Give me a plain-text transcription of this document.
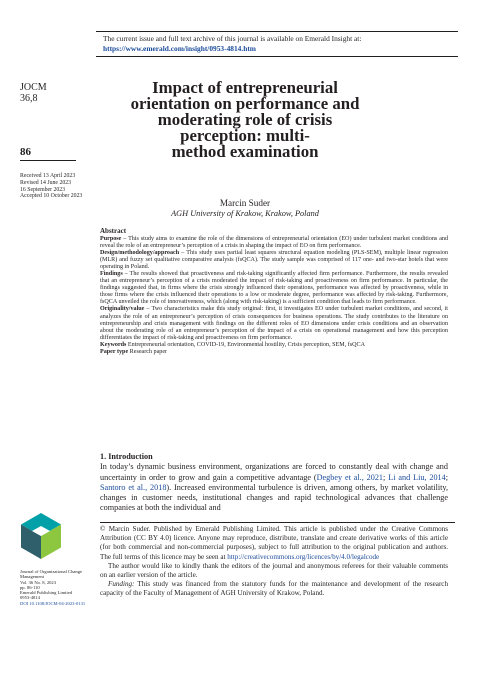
The current issue and full text archive of this journal is available on Emerald Insight at:
https://www.emerald.com/insight/0953-4814.htm
JOCM
36,8
86
Received 13 April 2023
Revised 14 June 2023
16 September 2023
Accepted 10 October 2023
Impact of entrepreneurial
orientation on performance and
moderating role of crisis
perception: multi-
method examination
Marcin Suder
AGH University of Krakow, Krakow, Poland
Abstract
Purpose – This study aims to examine the role of the dimensions of entrepreneurial orientation (EO) under turbulent market conditions and reveal the role of an entrepreneur’s perception of a crisis in shaping the impact of EO on firm performance.
Design/methodology/approach – This study uses partial least squares structural equation modeling (PLS-SEM), multiple linear regression (MLR) and fuzzy set qualitative comparative analysis (fsQCA). The study sample was comprised of 117 one- and two-star hotels that were operating in Poland.
Findings – The results showed that proactiveness and risk-taking significantly affected firm performance. Furthermore, the results revealed that an entrepreneur’s perception of a crisis moderated the impact of risk-taking and proactiveness on firm performance. In particular, the findings suggested that, in firms where the crisis strongly influenced their operations, performance was affected by proactiveness, while in those firms where the crisis influenced their operations to a low or moderate degree, performance was affected by risk-taking. Furthermore, fsQCA unveiled the role of innovativeness, which (along with risk-taking) is a sufficient condition that leads to firm performance.
Originality/value – Two characteristics make this study original: first, it investigates EO under turbulent market conditions, and second, it analyzes the role of an entrepreneur’s perception of crisis consequences for business operations. The study contributes to the literature on entrepreneurship and crisis management with findings on the different roles of EO dimensions under crisis conditions and an observation about the moderating role of an entrepreneur’s perception of the impact of a crisis on operational management and how this perception differentiates the impact of risk-taking and proactiveness on firm performance.
Keywords Entrepreneurial orientation, COVID-19, Environmental hostility, Crisis perception, SEM, fsQCA
Paper type Research paper
1. Introduction
In today’s dynamic business environment, organizations are forced to constantly deal with change and uncertainty in order to grow and gain a competitive advantage (Degbey et al., 2021; Li and Liu, 2014; Santoro et al., 2018). Increased environmental turbulence is driven, among others, by market volatility, changes in customer needs, institutional changes and rapid technological advances that challenge companies at both the individual and

© Marcin Suder. Published by Emerald Publishing Limited. This article is published under the Creative Commons Attribution (CC BY 4.0) licence. Anyone may reproduce, distribute, translate and create derivative works of this article (for both commercial and non-commercial purposes), subject to full attribution to the original publication and authors. The full terms of this licence may be seen at http://creativecommons.org/licences/by/4.0/legalcode

The author would like to kindly thank the editors of the journal and anonymous referees for their valuable comments on an earlier version of the article.

Funding: This study was financed from the statutory funds for the maintenance and development of the research capacity of the Faculty of Management of AGH University of Krakow, Poland.

Journal of Organizational Change
Management
Vol. 36 No. 8, 2023
pp. 86-110
Emerald Publishing Limited
0953-4814
DOI 10.1108/JOCM-04-2023-0131
